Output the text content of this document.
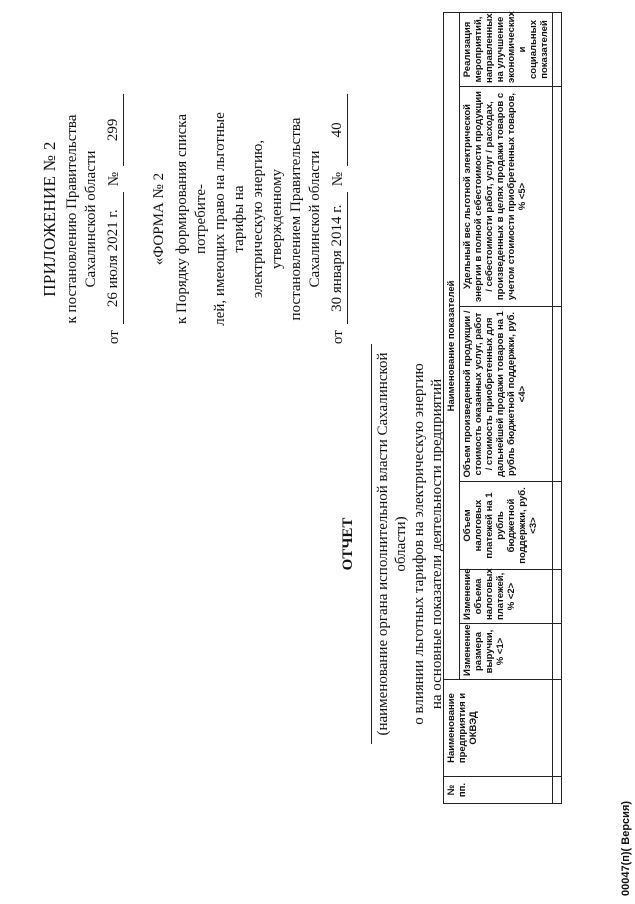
ПРИЛОЖЕНИЕ № 2 к постановлению Правительства Сахалинской области
от
26 июля 2021 г.
№
299
«ФОРМА № 2 к Порядку формирования списка потребите- лей, имеющих право на льготные тарифы на электрическую энергию, утвержденному постановлением Правительства Сахалинской области
от
30 января 2014 г.
№
40
ОТЧЕТ (наименование органа исполнительной власти Сахалинской области) о влиянии льготных тарифов на электрическую энергию на основные показатели деятельности предприятий
№ пп.	Наименование предприятия и ОКВЭД	Наименование показателей					
		Изменение размера выручки, % <1>	Изменение объема налоговых платежей, % <2>	Объем налоговых платежей на 1 рубль бюджетной поддержки, руб. <3>	Объем произведенной продукции / стоимость оказанных услуг, работ / стоимость приобретенных для дальнейшей продажи товаров на 1 рубль бюджетной поддержки, руб. <4>	Удельный вес льготной электрической энергии в полной себестоимости продукции / себестоимости работ, услуг / расходах, произведенных в целях продажи товаров с учетом стоимости приобретенных товаров, % <5>	Реализация мероприятий, направленных на улучшение экономических и социальных показателей

00047(п)( Версия)
